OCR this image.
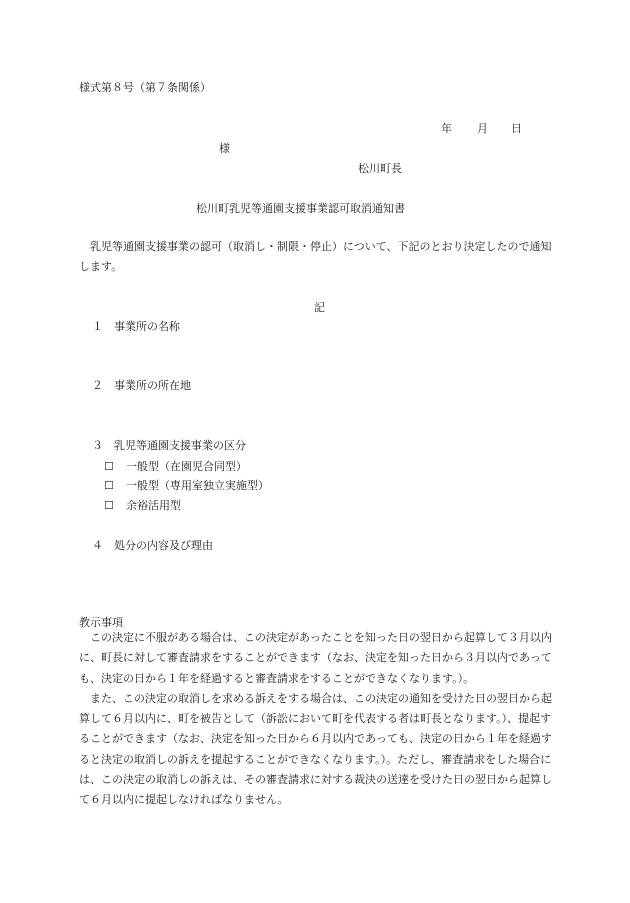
様式第８号（第７条関係）
年 月 日
様
松川町長
松川町乳児等通園支援事業認可取消通知書
　乳児等通園支援事業の認可（取消し・制限・停止）について、下記のとおり決定したので通知します。
記
１ 事業所の名称
２ 事業所の所在地
３ 乳児等通園支援事業の区分
☐ 一般型（在園児合同型）
☐ 一般型（専用室独立実施型）
☐ 余裕活用型
４ 処分の内容及び理由
教示事項

　この決定に不服がある場合は、この決定があったことを知った日の翌日から起算して３月以内に、町長に対して審査請求をすることができます（なお、決定を知った日から３月以内であっても、決定の日から１年を経過すると審査請求をすることができなくなります。）。

　また、この決定の取消しを求める訴えをする場合は、この決定の通知を受けた日の翌日から起算して６月以内に、町を被告として（訴訟において町を代表する者は町長となります。）、提起することができます（なお、決定を知った日から６月以内であっても、決定の日から１年を経過すると決定の取消しの訴えを提起することができなくなります。）。ただし、審査請求をした場合には、この決定の取消しの訴えは、その審査請求に対する裁決の送達を受けた日の翌日から起算して６月以内に提起しなければなりません。
